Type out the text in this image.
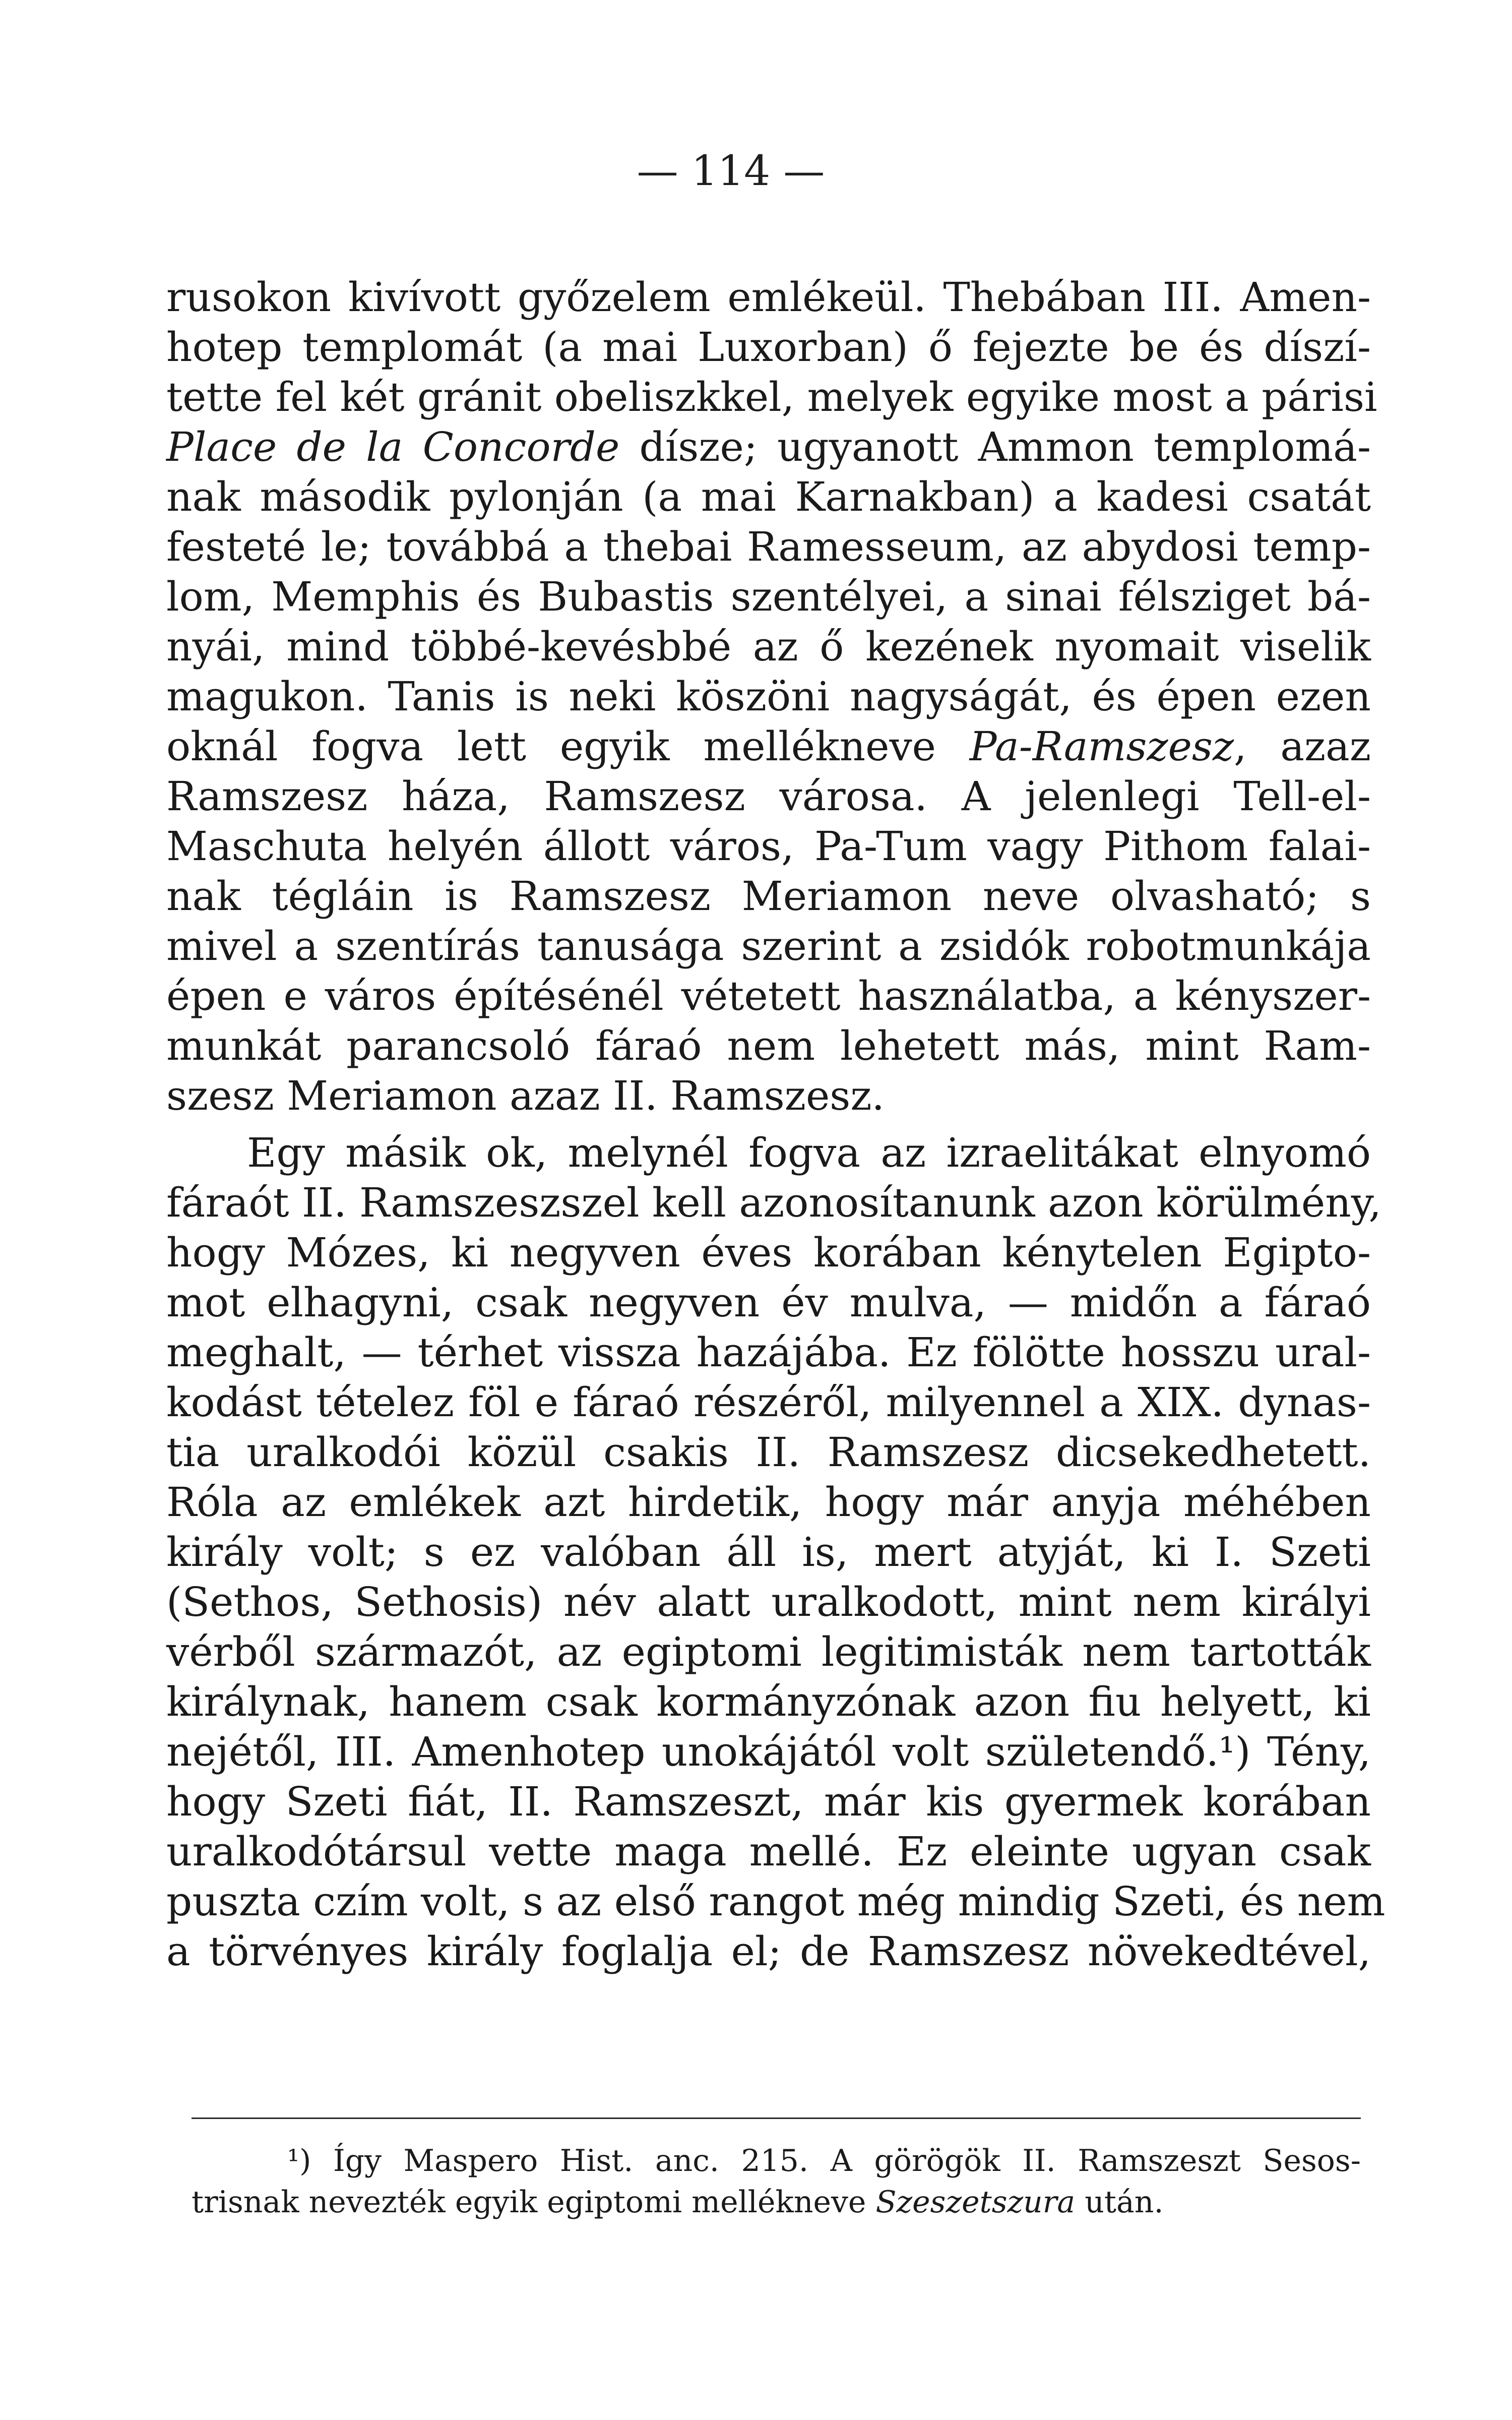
— 114 —
rusokon kivívott győzelem emlékeül. Thebában III. Amen-
hotep templomát (a mai Luxorban) ő fejezte be és díszí-
tette fel két gránit obeliszkkel, melyek egyike most a párisi
Place de la Concorde dísze; ugyanott Ammon templomá-
nak második pylonján (a mai Karnakban) a kadesi csatát
festeté le; továbbá a thebai Ramesseum, az abydosi temp-
lom, Memphis és Bubastis szentélyei, a sinai félsziget bá-
nyái, mind többé-kevésbbé az ő kezének nyomait viselik
magukon. Tanis is neki köszöni nagyságát, és épen ezen
oknál fogva lett egyik mellékneve Pa-Ramszesz, azaz
Ramszesz háza, Ramszesz városa. A jelenlegi Tell-el-
Maschuta helyén állott város, Pa-Tum vagy Pithom falai-
nak tégláin is Ramszesz Meriamon neve olvasható; s
mivel a szentírás tanusága szerint a zsidók robotmunkája
épen e város építésénél vétetett használatba, a kényszer-
munkát parancsoló fáraó nem lehetett más, mint Ram-
szesz Meriamon azaz II. Ramszesz.
Egy másik ok, melynél fogva az izraelitákat elnyomó
fáraót II. Ramszeszszel kell azonosítanunk azon körülmény,
hogy Mózes, ki negyven éves korában kénytelen Egipto-
mot elhagyni, csak negyven év mulva, — midőn a fáraó
meghalt, — térhet vissza hazájába. Ez fölötte hosszu ural-
kodást tételez föl e fáraó részéről, milyennel a XIX. dynas-
tia uralkodói közül csakis II. Ramszesz dicsekedhetett.
Róla az emlékek azt hirdetik, hogy már anyja méhében
király volt; s ez valóban áll is, mert atyját, ki I. Szeti
(Sethos, Sethosis) név alatt uralkodott, mint nem királyi
vérből származót, az egiptomi legitimisták nem tartották
királynak, hanem csak kormányzónak azon fiu helyett, ki
nejétől, III. Amenhotep unokájától volt születendő.¹) Tény,
hogy Szeti fiát, II. Ramszeszt, már kis gyermek korában
uralkodótársul vette maga mellé. Ez eleinte ugyan csak
puszta czím volt, s az első rangot még mindig Szeti, és nem
a törvényes király foglalja el; de Ramszesz növekedtével,
¹) Így Maspero Hist. anc. 215. A görögök II. Ramszeszt Sesos-
trisnak nevezték egyik egiptomi mellékneve Szeszetszura után.
